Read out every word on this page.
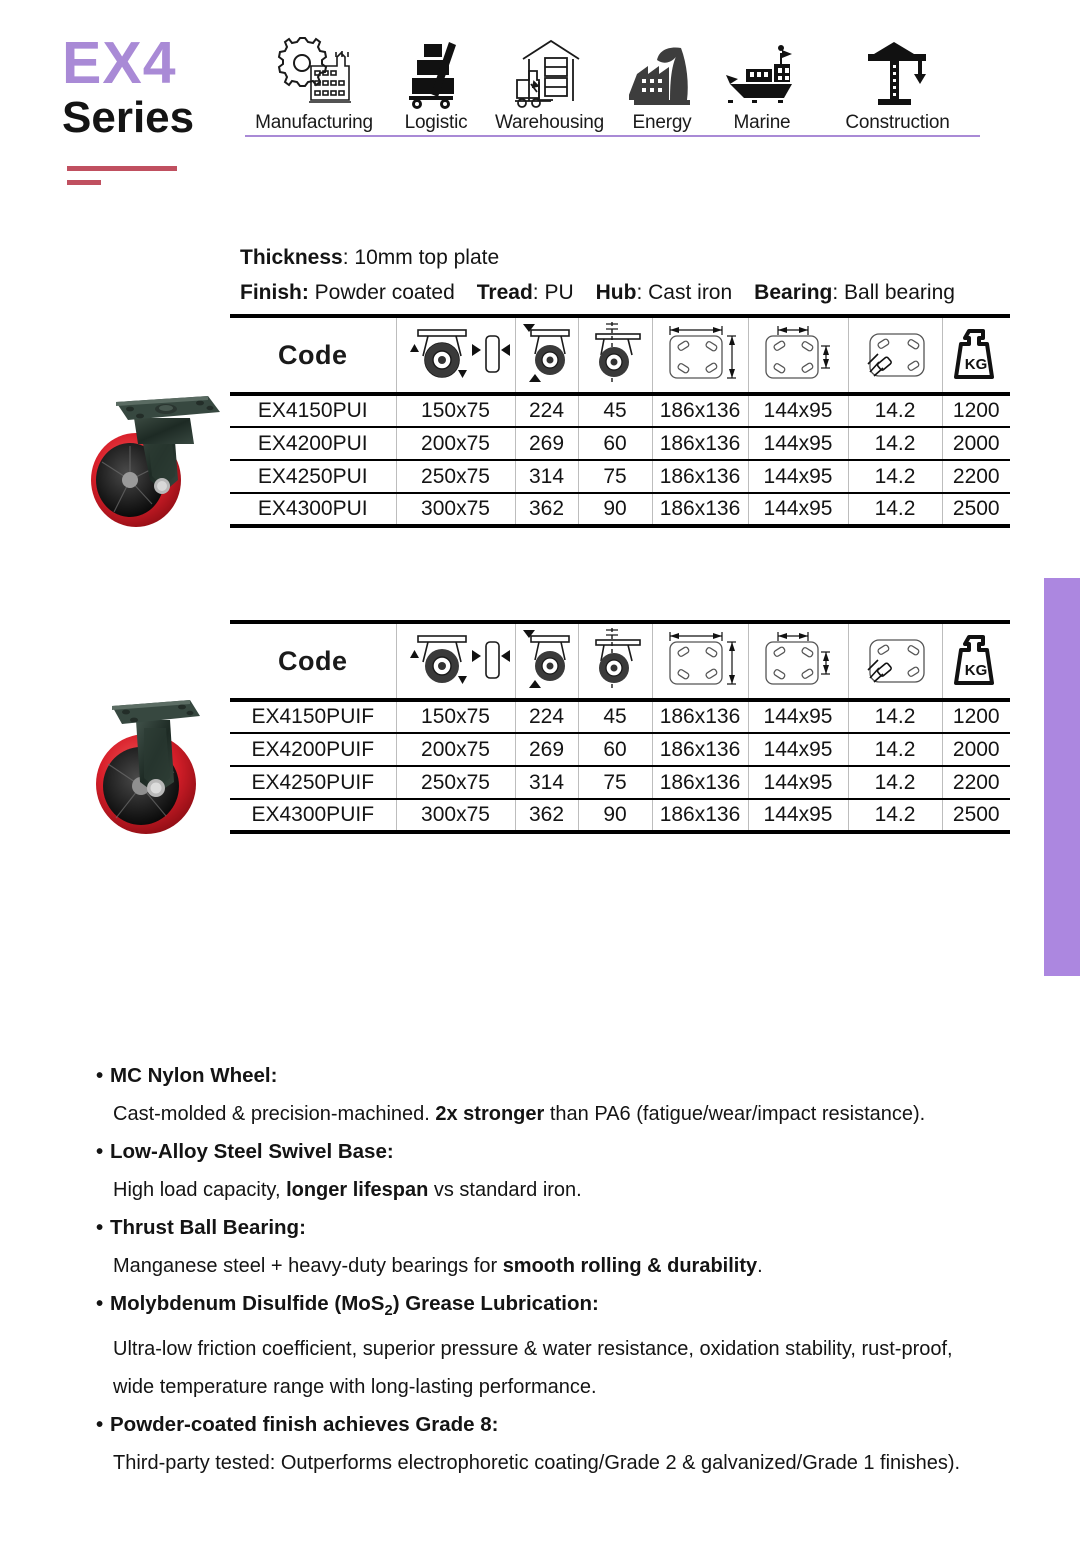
EX4
Series	Manufacturing	Logistic	Warehousing	Energy	Marine	Construction
Thickness: 10mm top plate
Finish: Powder coated Tread: PU Hub: Cast iron Bearing: Ball bearing
Code							KG

EX4150PUI	150x75	224	45	186x136	144x95	14.2	1200
EX4200PUI	200x75	269	60	186x136	144x95	14.2	2000
EX4250PUI	250x75	314	75	186x136	144x95	14.2	2200
EX4300PUI	300x75	362	90	186x136	144x95	14.2	2500
Code							KG

EX4150PUIF	150x75	224	45	186x136	144x95	14.2	1200
EX4200PUIF	200x75	269	60	186x136	144x95	14.2	2000
EX4250PUIF	250x75	314	75	186x136	144x95	14.2	2200
EX4300PUIF	300x75	362	90	186x136	144x95	14.2	2500
• MC Nylon Wheel:
Cast-molded & precision-machined. 2x stronger than PA6 (fatigue/wear/impact resistance).
• Low-Alloy Steel Swivel Base:
High load capacity, longer lifespan vs standard iron.
• Thrust Ball Bearing:
Manganese steel + heavy-duty bearings for smooth rolling & durability.
• Molybdenum Disulfide (MoS$_2$) Grease Lubrication:
Ultra-low friction coefficient, superior pressure & water resistance, oxidation stability, rust-proof,
wide temperature range with long-lasting performance.
• Powder-coated finish achieves Grade 8:
Third-party tested: Outperforms electrophoretic coating/Grade 2 & galvanized/Grade 1 finishes).
